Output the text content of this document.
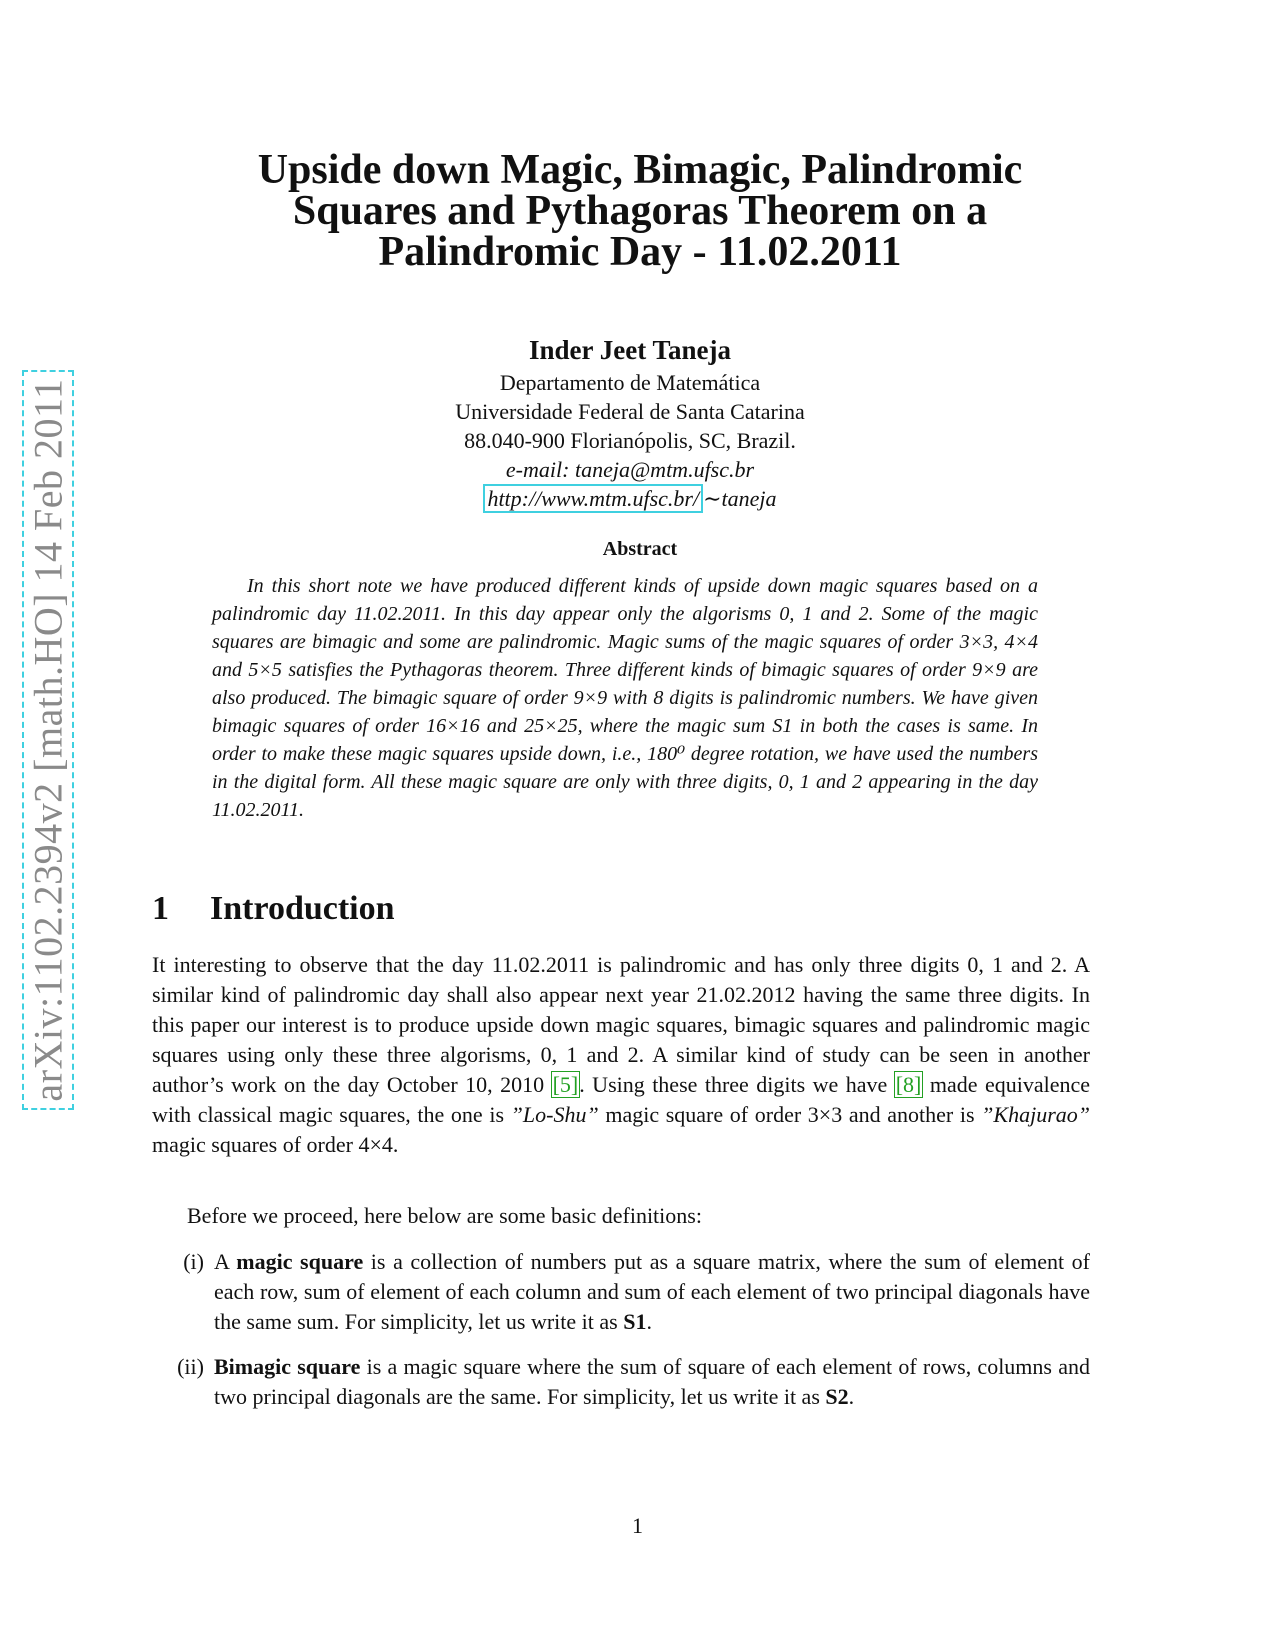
arXiv:1102.2394v2 [math.HO] 14 Feb 2011
Upside down Magic, Bimagic, Palindromic
Squares and Pythagoras Theorem on a
Palindromic Day - 11.02.2011
Inder Jeet Taneja
Departamento de Matemática
Universidade Federal de Santa Catarina
88.040-900 Florianópolis, SC, Brazil.
e-mail: taneja@mtm.ufsc.br
http://www.mtm.ufsc.br/ ∼taneja
Abstract

In this short note we have produced different kinds of upside down magic squares based on a palindromic day 11.02.2011. In this day appear only the algorisms 0, 1 and 2. Some of the magic squares are bimagic and some are palindromic. Magic sums of the magic squares of order 3×3, 4×4 and 5×5 satisfies the Pythagoras theorem. Three different kinds of bimagic squares of order 9×9 are also produced. The bimagic square of order 9×9 with 8 digits is palindromic numbers. We have given bimagic squares of order 16×16 and 25×25, where the magic sum S1 in both the cases is same. In order to make these magic squares upside down, i.e., 180⁰ degree rotation, we have used the numbers in the digital form. All these magic square are only with three digits, 0, 1 and 2 appearing in the day 11.02.2011.

1 Introduction

It interesting to observe that the day 11.02.2011 is palindromic and has only three digits 0, 1 and 2. A similar kind of palindromic day shall also appear next year 21.02.2012 having the same three digits. In this paper our interest is to produce upside down magic squares, bimagic squares and palindromic magic squares using only these three algorisms, 0, 1 and 2. A similar kind of study can be seen in another author’s work on the day October 10, 2010 [5]. Using these three digits we have [8] made equivalence with classical magic squares, the one is ”Lo-Shu” magic square of order 3×3 and another is ”Khajurao” magic squares of order 4×4.

Before we proceed, here below are some basic definitions:
(i) A magic square is a collection of numbers put as a square matrix, where the sum of element of each row, sum of element of each column and sum of each element of two principal diagonals have the same sum. For simplicity, let us write it as S1.
(ii) Bimagic square is a magic square where the sum of square of each element of rows, columns and two principal diagonals are the same. For simplicity, let us write it as S2.
1
